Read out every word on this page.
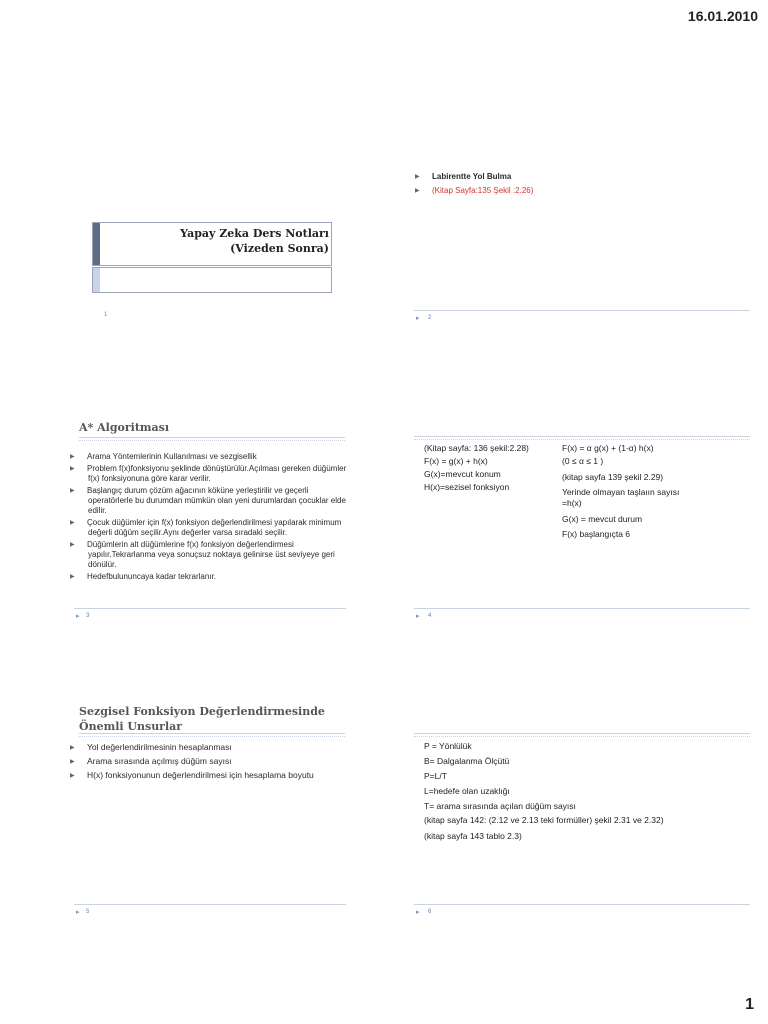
16.01.2010
1
Yapay Zeka Ders Notları
(Vizeden Sonra)
1
▶ Labirentte Yol Bulma
▶ (Kitap Sayfa:135 Şekil :2.26)
▸ 2
A* Algoritması
▶ Arama Yöntemlerinin Kullanılması ve sezgisellik
▶ Problem f(x)fonksiyonu şeklinde dönüştürülür.Açılması gereken düğümler f(x) fonksiyonuna göre karar verilir.
▶ Başlangıç durum çözüm ağacının köküne yerleştirilir ve geçerli operatörlerle bu durumdan mümkün olan yeni durumlardan çocuklar elde edilir.
▶ Çocuk düğümler için f(x) fonksiyon değerlendirilmesi yapılarak minimum değerli düğüm seçilir.Aynı değerler varsa sıradaki seçilir.
▶ Düğümlerin alt düğümlerine f(x) fonksiyon değerlendirmesi yapılır.Tekrarlanma veya sonuçsuz noktaya gelinirse üst seviyeye geri dönülür.
▶ Hedefbulununcaya kadar tekrarlanır.
▸ 3
(Kitap sayfa: 136 şekil:2.28)
F(x) = g(x) + h(x)
G(x)=mevcut konum
H(x)=sezisel fonksiyon
F(x) = α g(x) + (1-α) h(x)
(0 ≤ α ≤ 1 )
(kitap sayfa 139 şekil 2.29)
Yerinde olmayan taşlaıın sayısı =h(x)
G(x) = mevcut durum
F(x) başlangıçta 6
▸ 4
Sezgisel Fonksiyon Değerlendirmesinde
Önemli Unsurlar
▶ Yol değerlendirilmesinin hesaplanması
▶ Arama sırasında açılmış düğüm sayısı
▶ H(x) fonksiyonunun değerlendirilmesi için hesaplama boyutu
▸ 5
P = Yönlülük
B= Dalgalanma Ölçütü
P=L/T
L=hedefe olan uzaklığı
T= arama sırasında açılan düğüm sayısı
(kitap sayfa 142: (2.12 ve 2.13 teki formüller) şekil 2.31 ve 2.32)
(kitap sayfa 143 tablo 2.3)
▸ 6
